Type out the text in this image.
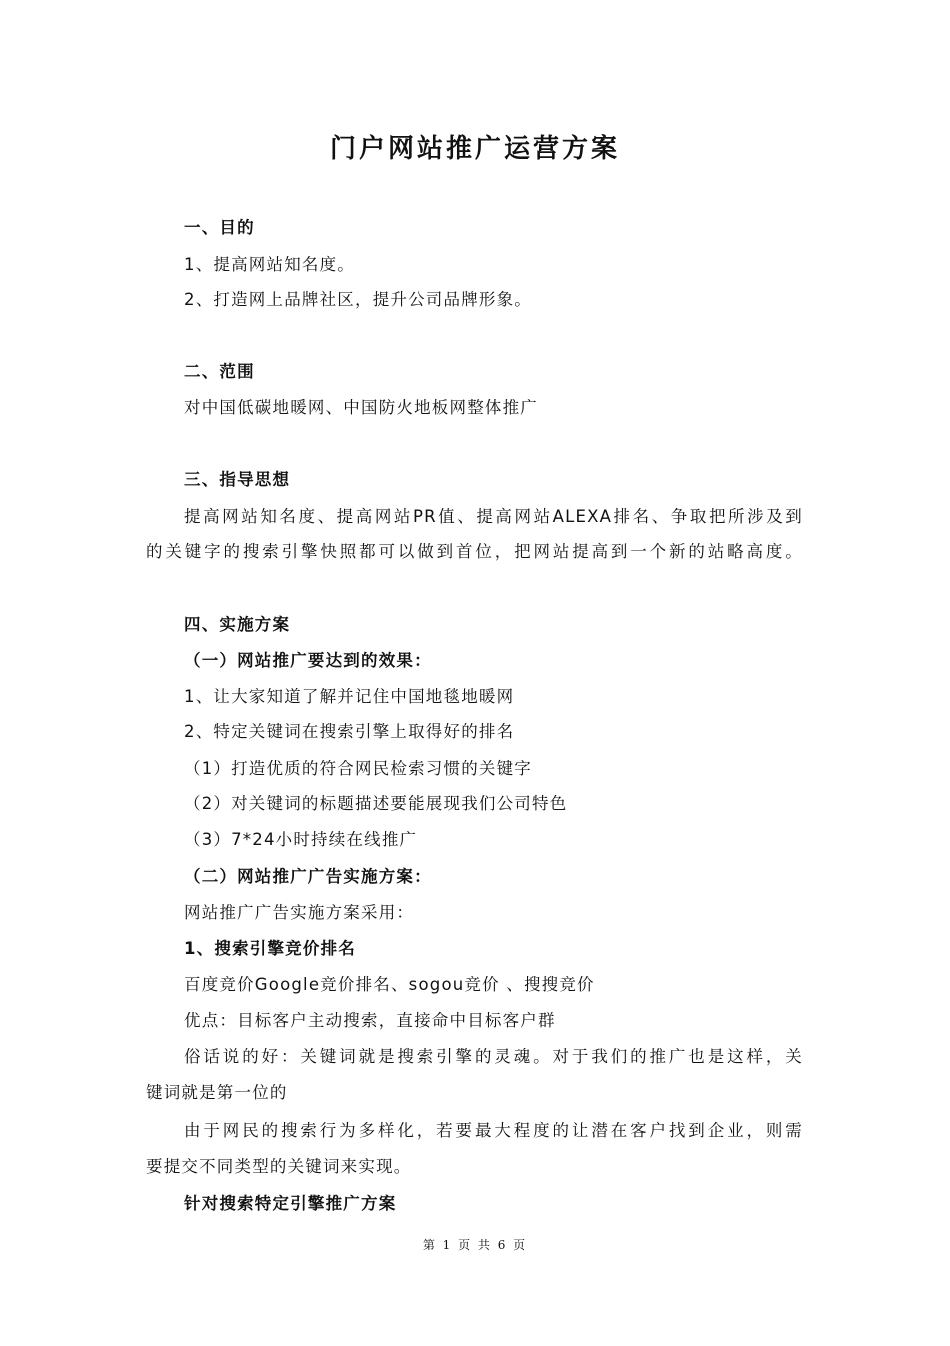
门户网站推广运营方案
一、目的
1、提高网站知名度。
2、打造网上品牌社区，提升公司品牌形象。
二、范围
对中国低碳地暖网、中国防火地板网整体推广
三、指导思想
提高网站知名度、提高网站PR值、提高网站ALEXA排名、争取把所涉及到
的关键字的搜索引擎快照都可以做到首位，把网站提高到一个新的站略高度。
四、实施方案
（一）网站推广要达到的效果：
1、让大家知道了解并记住中国地毯地暖网
2、特定关键词在搜索引擎上取得好的排名
（1）打造优质的符合网民检索习惯的关键字
（2）对关键词的标题描述要能展现我们公司特色
（3）7*24小时持续在线推广
（二）网站推广广告实施方案：
网站推广广告实施方案采用：
1、搜索引擎竞价排名
百度竞价Google竞价排名、sogou竞价 、搜搜竞价
优点：目标客户主动搜索，直接命中目标客户群
俗话说的好：关键词就是搜索引擎的灵魂。对于我们的推广也是这样，关
键词就是第一位的
由于网民的搜索行为多样化，若要最大程度的让潜在客户找到企业，则需
要提交不同类型的关键词来实现。
针对搜索特定引擎推广方案
第 1 页 共 6 页
